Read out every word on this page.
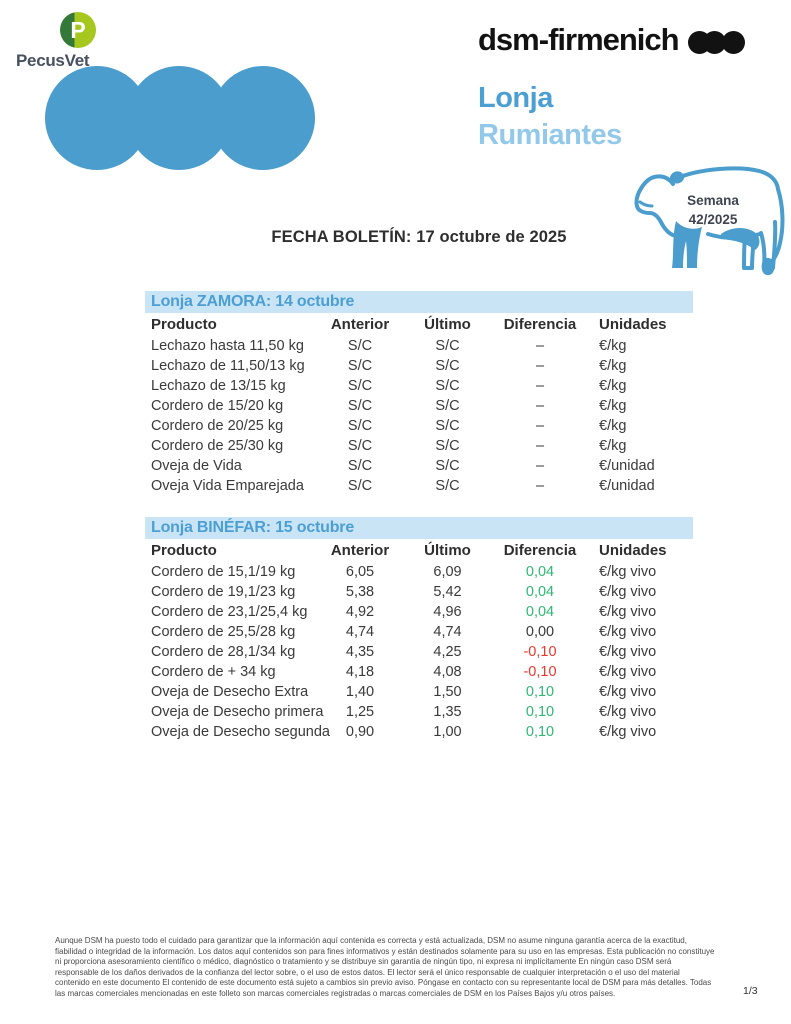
P
PecusVet
dsm-firmenich
Lonja
Rumiantes
Semana
42/2025
FECHA BOLETÍN: 17 octubre de 2025
Lonja ZAMORA: 14 octubre
Producto	Anterior	Último	Diferencia	Unidades
Lechazo hasta 11,50 kg	S/C	S/C	–	€/kg
Lechazo de 11,50/13 kg	S/C	S/C	–	€/kg
Lechazo de 13/15 kg	S/C	S/C	–	€/kg
Cordero de 15/20 kg	S/C	S/C	–	€/kg
Cordero de 20/25 kg	S/C	S/C	–	€/kg
Cordero de 25/30 kg	S/C	S/C	–	€/kg
Oveja de Vida	S/C	S/C	–	€/unidad
Oveja Vida Emparejada	S/C	S/C	–	€/unidad
Lonja BINÉFAR: 15 octubre
Producto	Anterior	Último	Diferencia	Unidades
Cordero de 15,1/19 kg	6,05	6,09	0,04	€/kg vivo
Cordero de 19,1/23 kg	5,38	5,42	0,04	€/kg vivo
Cordero de 23,1/25,4 kg	4,92	4,96	0,04	€/kg vivo
Cordero de 25,5/28 kg	4,74	4,74	0,00	€/kg vivo
Cordero de 28,1/34 kg	4,35	4,25	-0,10	€/kg vivo
Cordero de + 34 kg	4,18	4,08	-0,10	€/kg vivo
Oveja de Desecho Extra	1,40	1,50	0,10	€/kg vivo
Oveja de Desecho primera	1,25	1,35	0,10	€/kg vivo
Oveja de Desecho segunda	0,90	1,00	0,10	€/kg vivo
Aunque DSM ha puesto todo el cuidado para garantizar que la información aquí contenida es correcta y está actualizada, DSM no asume ninguna garantía acerca de la exactitud, fiabilidad o integridad de la información. Los datos aquí contenidos son para fines informativos y están destinados solamente para su uso en las empresas. Esta publicación no constituye ni proporciona asesoramiento científico o médico, diagnóstico o tratamiento y se distribuye sin garantía de ningún tipo, ni expresa ni implícitamente En ningún caso DSM será responsable de los daños derivados de la confianza del lector sobre, o el uso de estos datos. El lector será el único responsable de cualquier interpretación o el uso del material contenido en este documento El contenido de este documento está sujeto a cambios sin previo aviso. Póngase en contacto con su representante local de DSM para más detalles. Todas las marcas comerciales mencionadas en este folleto son marcas comerciales registradas o marcas comerciales de DSM en los Países Bajos y/u otros países.	1/3
